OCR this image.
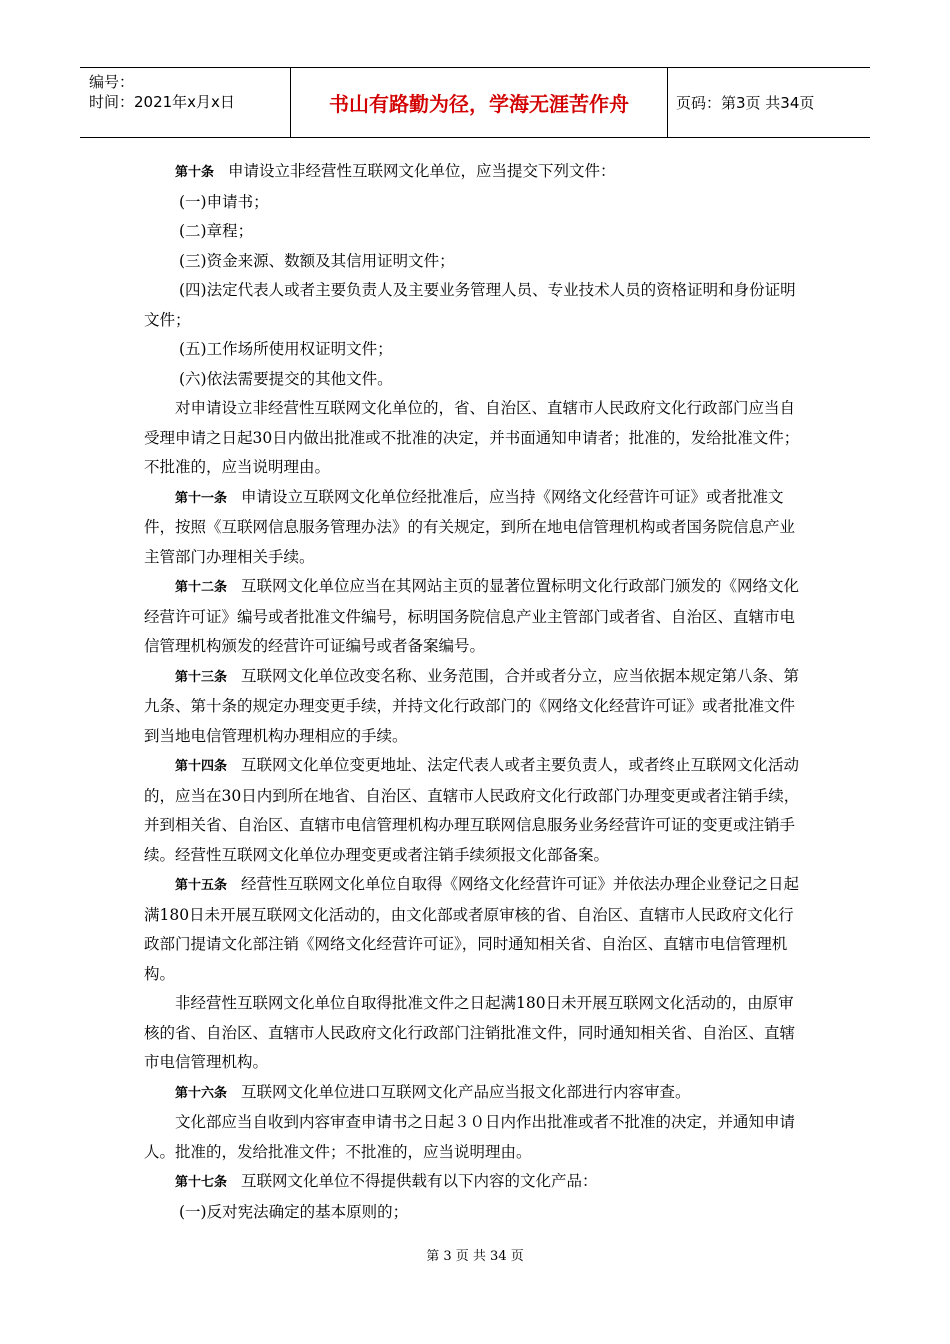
编号：
时间：2021年x月x日	书山有路勤为径，学海无涯苦作舟	页码：第3页 共34页

第十条 申请设立非经营性互联网文化单位，应当提交下列文件：

(一)申请书；

(二)章程；

(三)资金来源、数额及其信用证明文件；

(四)法定代表人或者主要负责人及主要业务管理人员、专业技术人员的资格证明和身份证明文件；

(五)工作场所使用权证明文件；

(六)依法需要提交的其他文件。

对申请设立非经营性互联网文化单位的，省、自治区、直辖市人民政府文化行政部门应当自受理申请之日起30日内做出批准或不批准的决定，并书面通知申请者；批准的，发给批准文件；不批准的，应当说明理由。

第十一条 申请设立互联网文化单位经批准后，应当持《网络文化经营许可证》或者批准文件，按照《互联网信息服务管理办法》的有关规定，到所在地电信管理机构或者国务院信息产业主管部门办理相关手续。

第十二条 互联网文化单位应当在其网站主页的显著位置标明文化行政部门颁发的《网络文化经营许可证》编号或者批准文件编号，标明国务院信息产业主管部门或者省、自治区、直辖市电信管理机构颁发的经营许可证编号或者备案编号。

第十三条 互联网文化单位改变名称、业务范围，合并或者分立，应当依据本规定第八条、第九条、第十条的规定办理变更手续，并持文化行政部门的《网络文化经营许可证》或者批准文件到当地电信管理机构办理相应的手续。

第十四条 互联网文化单位变更地址、法定代表人或者主要负责人，或者终止互联网文化活动的，应当在30日内到所在地省、自治区、直辖市人民政府文化行政部门办理变更或者注销手续，并到相关省、自治区、直辖市电信管理机构办理互联网信息服务业务经营许可证的变更或注销手续。经营性互联网文化单位办理变更或者注销手续须报文化部备案。

第十五条 经营性互联网文化单位自取得《网络文化经营许可证》并依法办理企业登记之日起满180日未开展互联网文化活动的，由文化部或者原审核的省、自治区、直辖市人民政府文化行政部门提请文化部注销《网络文化经营许可证》，同时通知相关省、自治区、直辖市电信管理机构。

非经营性互联网文化单位自取得批准文件之日起满180日未开展互联网文化活动的，由原审核的省、自治区、直辖市人民政府文化行政部门注销批准文件，同时通知相关省、自治区、直辖市电信管理机构。

第十六条 互联网文化单位进口互联网文化产品应当报文化部进行内容审查。

文化部应当自收到内容审查申请书之日起３０日内作出批准或者不批准的决定，并通知申请人。批准的，发给批准文件；不批准的，应当说明理由。

第十七条 互联网文化单位不得提供载有以下内容的文化产品：

(一)反对宪法确定的基本原则的；

第 3 页 共 34 页
